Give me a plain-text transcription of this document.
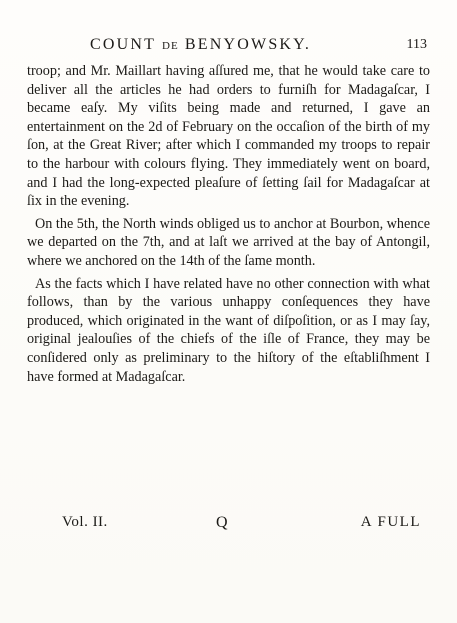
COUNT DE BENYOWSKY.	113

troop; and Mr. Maillart having aſſured me, that he would take care to deliver all the articles he had orders to furniſh for Madagaſcar, I became eaſy. My viſits being made and returned, I gave an entertainment on the 2d of February on the occaſion of the birth of my ſon, at the Great River; after which I commanded my troops to repair to the harbour with colours flying. They immediately went on board, and I had the long-expected pleaſure of ſetting ſail for Madagaſcar at ſix in the evening.

On the 5th, the North winds obliged us to anchor at Bourbon, whence we departed on the 7th, and at laſt we arrived at the bay of Antongil, where we anchored on the 14th of the ſame month.

As the facts which I have related have no other connection with what follows, than by the various unhappy conſequences they have produced, which originated in the want of diſpoſition, or as I may ſay, original jealouſies of the chiefs of the iſle of France, they may be conſidered only as preliminary to the hiſtory of the eſtabliſhment I have formed at Madagaſcar.

Vol. II.	Q	A FULL
